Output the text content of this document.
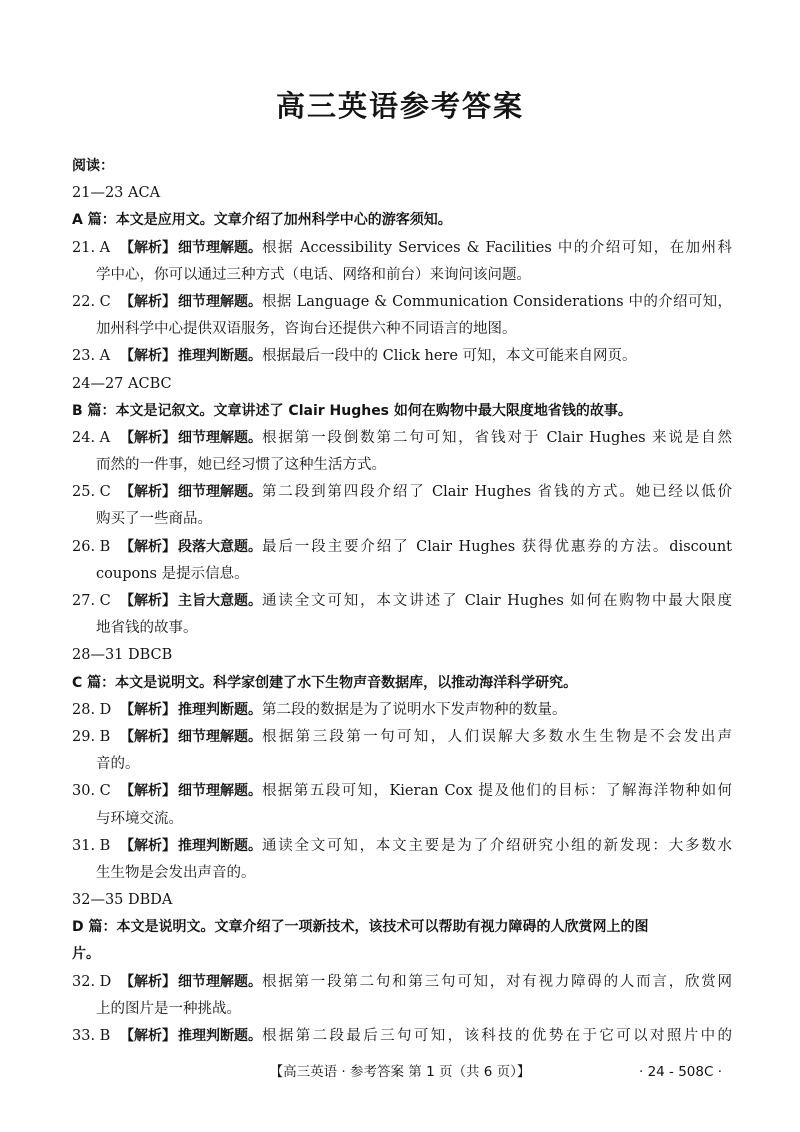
高三英语参考答案
阅读：
21—23 ACA
A 篇：本文是应用文。文章介绍了加州科学中心的游客须知。
21. A 【解析】 细节理解题。 根据 Accessibility Services & Facilities 中的介绍可知，在加州科
学中心，你可以通过三种方式（电话、网络和前台）来询问该问题。
22. C 【解析】 细节理解题。 根据 Language & Communication Considerations 中的介绍可知，
加州科学中心提供双语服务，咨询台还提供六种不同语言的地图。
23. A 【解析】 推理判断题。 根据最后一段中的 Click here 可知，本文可能来自网页。
24—27 ACBC
B 篇：本文是记叙文。文章讲述了 Clair Hughes 如何在购物中最大限度地省钱的故事。
24. A 【解析】 细节理解题。 根据第一段倒数第二句可知，省钱对于 Clair Hughes 来说是自然
而然的一件事，她已经习惯了这种生活方式。
25. C 【解析】 细节理解题。 第二段到第四段介绍了 Clair Hughes 省钱的方式。她已经以低价
购买了一些商品。
26. B 【解析】 段落大意题。 最后一段主要介绍了 Clair Hughes 获得优惠券的方法。discount
coupons 是提示信息。
27. C 【解析】 主旨大意题。 通读全文可知，本文讲述了 Clair Hughes 如何在购物中最大限度
地省钱的故事。
28—31 DBCB
C 篇：本文是说明文。科学家创建了水下生物声音数据库，以推动海洋科学研究。
28. D 【解析】 推理判断题。 第二段的数据是为了说明水下发声物种的数量。
29. B 【解析】 细节理解题。 根据第三段第一句可知，人们误解大多数水生生物是不会发出声
音的。
30. C 【解析】 细节理解题。 根据第五段可知，Kieran Cox 提及他们的目标：了解海洋物种如何
与环境交流。
31. B 【解析】 推理判断题。 通读全文可知，本文主要是为了介绍研究小组的新发现：大多数水
生生物是会发出声音的。
32—35 DBDA
D 篇：本文是说明文。文章介绍了一项新技术，该技术可以帮助有视力障碍的人欣赏网上的图
片。
32. D 【解析】 细节理解题。 根据第一段第二句和第三句可知，对有视力障碍的人而言，欣赏网
上的图片是一种挑战。
33. B 【解析】 推理判断题。 根据第二段最后三句可知，该科技的优势在于它可以对照片中的
【高三英语 · 参考答案 第 1 页（共 6 页）】	· 24 - 508C ·
